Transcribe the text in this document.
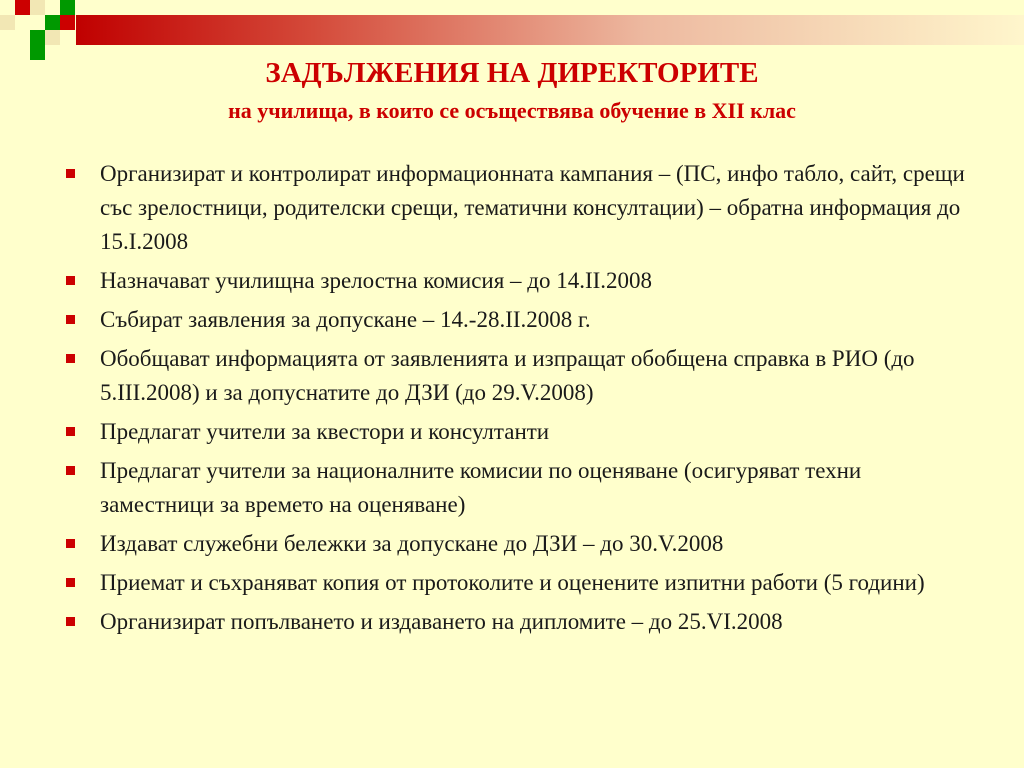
ЗАДЪЛЖЕНИЯ НА ДИРЕКТОРИТЕ
на училища, в които се осъществява обучение в XII клас
Организират и контролират информационната кампания – (ПС, инфо табло, сайт, срещи със зрелостници, родителски срещи, тематични консултации) – обратна информация до 15.I.2008
Назначават училищна зрелостна комисия – до 14.II.2008
Събират заявления за допускане – 14.-28.II.2008 г.
Обобщават информацията от заявленията и изпращат обобщена справка в РИО (до 5.III.2008) и за допуснатите до ДЗИ (до 29.V.2008)
Предлагат учители за квестори и консултанти
Предлагат учители за националните комисии по оценяване (осигуряват техни заместници за времето на оценяване)
Издават служебни бележки за допускане до ДЗИ – до 30.V.2008
Приемат и съхраняват копия от протоколите и оценените изпитни работи (5 години)
Организират попълването и издаването на дипломите – до 25.VI.2008
